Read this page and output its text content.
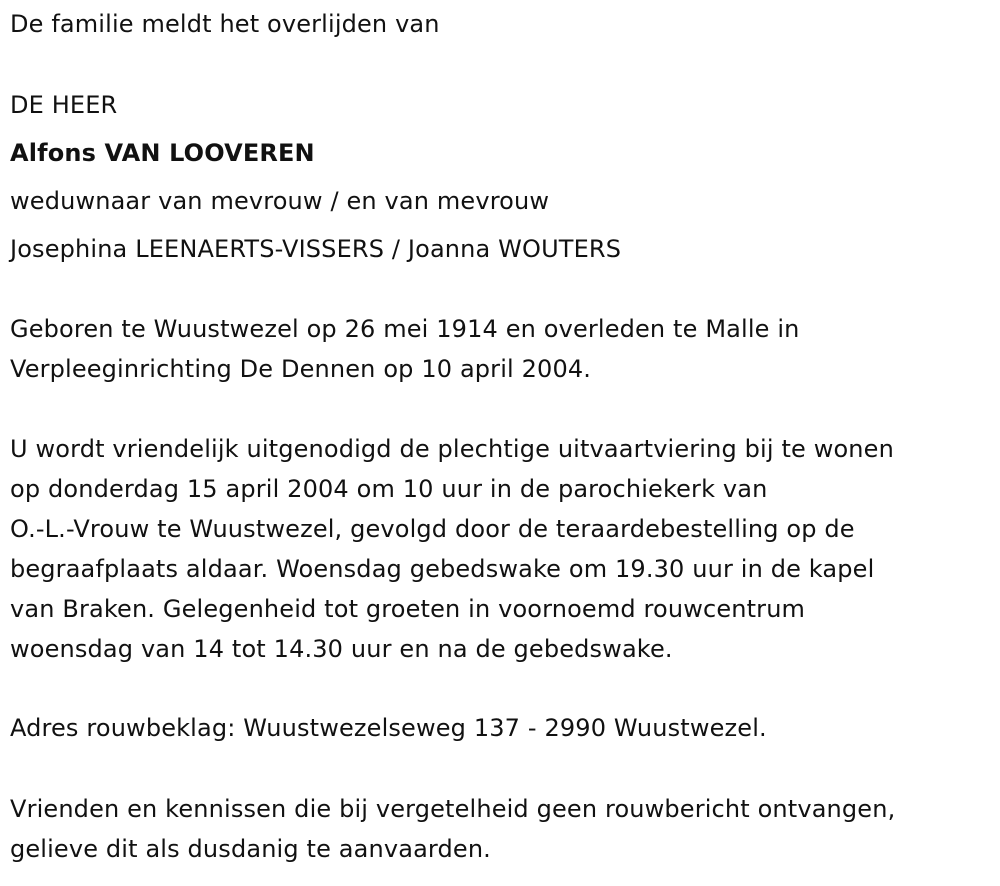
De familie meldt het overlijden van
DE HEER
Alfons VAN LOOVEREN
weduwnaar van mevrouw / en van mevrouw
Josephina LEENAERTS-VISSERS / Joanna WOUTERS
Geboren te Wuustwezel op 26 mei 1914 en overleden te Malle in
Verpleeginrichting De Dennen op 10 april 2004.
U wordt vriendelijk uitgenodigd de plechtige uitvaartviering bij te wonen
op donderdag 15 april 2004 om 10 uur in de parochiekerk van
O.-L.-Vrouw te Wuustwezel, gevolgd door de teraardebestelling op de
begraafplaats aldaar. Woensdag gebedswake om 19.30 uur in de kapel
van Braken. Gelegenheid tot groeten in voornoemd rouwcentrum
woensdag van 14 tot 14.30 uur en na de gebedswake.
Adres rouwbeklag: Wuustwezelseweg 137 - 2990 Wuustwezel.
Vrienden en kennissen die bij vergetelheid geen rouwbericht ontvangen,
gelieve dit als dusdanig te aanvaarden.
